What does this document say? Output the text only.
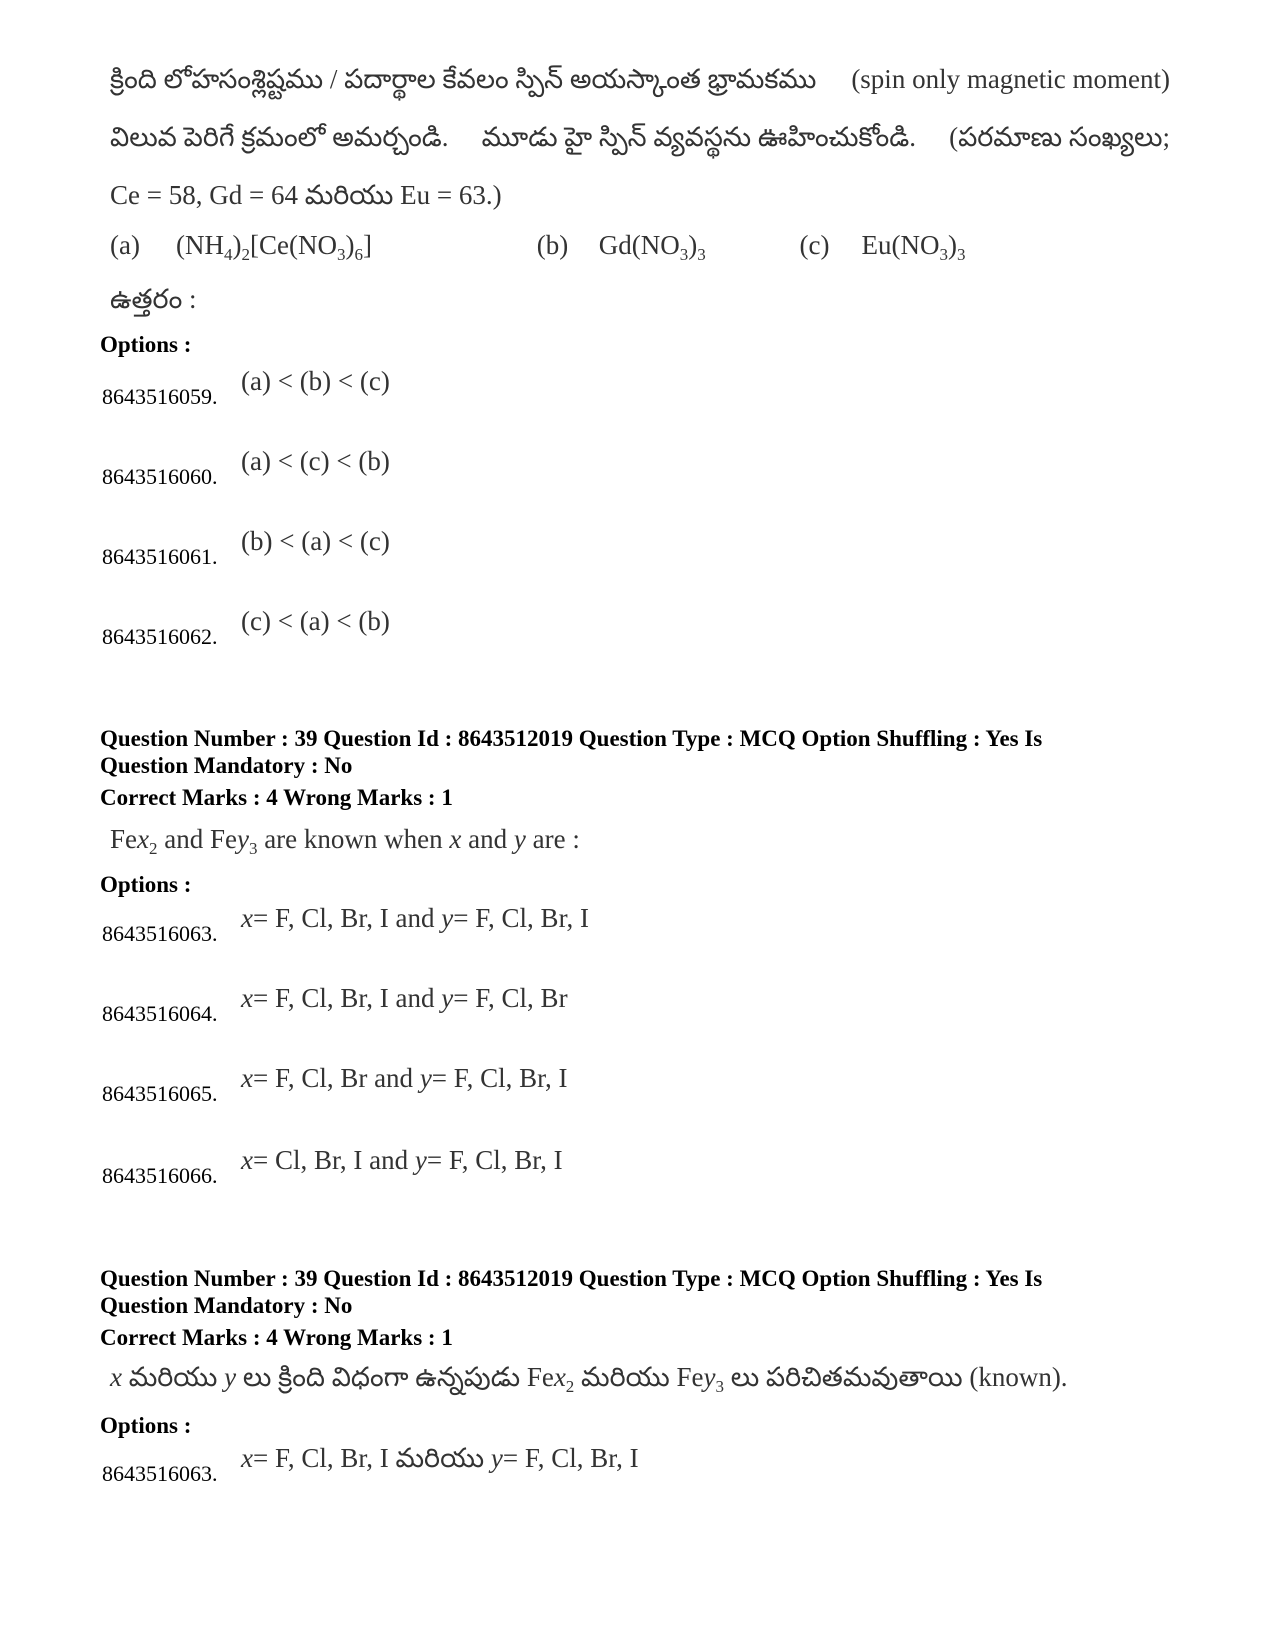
క్రింది లోహసంశ్లిష్టము / పదార్థాల కేవలం స్పిన్ అయస్కాంత భ్రామకము (spin only magnetic moment)
విలువ పెరిగే క్రమంలో అమర్చండి. మూడు హై స్పిన్ వ్యవస్థను ఊహించుకోండి. (పరమాణు సంఖ్యలు;
Ce = 58, Gd = 64 మరియు Eu = 63.)
(a) $(NH_4)_2[Ce(NO_3)_6]$	(b) $Gd(NO_3)_3$	(c) $Eu(NO_3)_3$
ఉత్తరం :
Options :
8643516059.
(a) < (b) < (c)
8643516060.
(a) < (c) < (b)
8643516061.
(b) < (a) < (c)
8643516062.
(c) < (a) < (b)
Question Number : 39 Question Id : 8643512019 Question Type : MCQ Option Shuffling : Yes Is
Question Mandatory : No
Correct Marks : 4 Wrong Marks : 1
Fex$_2$ and Fey$_3$ are known when x and y are :
Options :
8643516063.
x= F, Cl, Br, I and y= F, Cl, Br, I
8643516064.
x= F, Cl, Br, I and y= F, Cl, Br
8643516065.
x= F, Cl, Br and y= F, Cl, Br, I
8643516066.
x= Cl, Br, I and y= F, Cl, Br, I
Question Number : 39 Question Id : 8643512019 Question Type : MCQ Option Shuffling : Yes Is
Question Mandatory : No
Correct Marks : 4 Wrong Marks : 1
x మరియు y లు క్రింది విధంగా ఉన్నపుడు Fex$_2$ మరియు Fey$_3$ లు పరిచితమవుతాయి (known).
Options :
8643516063.
x= F, Cl, Br, I మరియు y= F, Cl, Br, I
